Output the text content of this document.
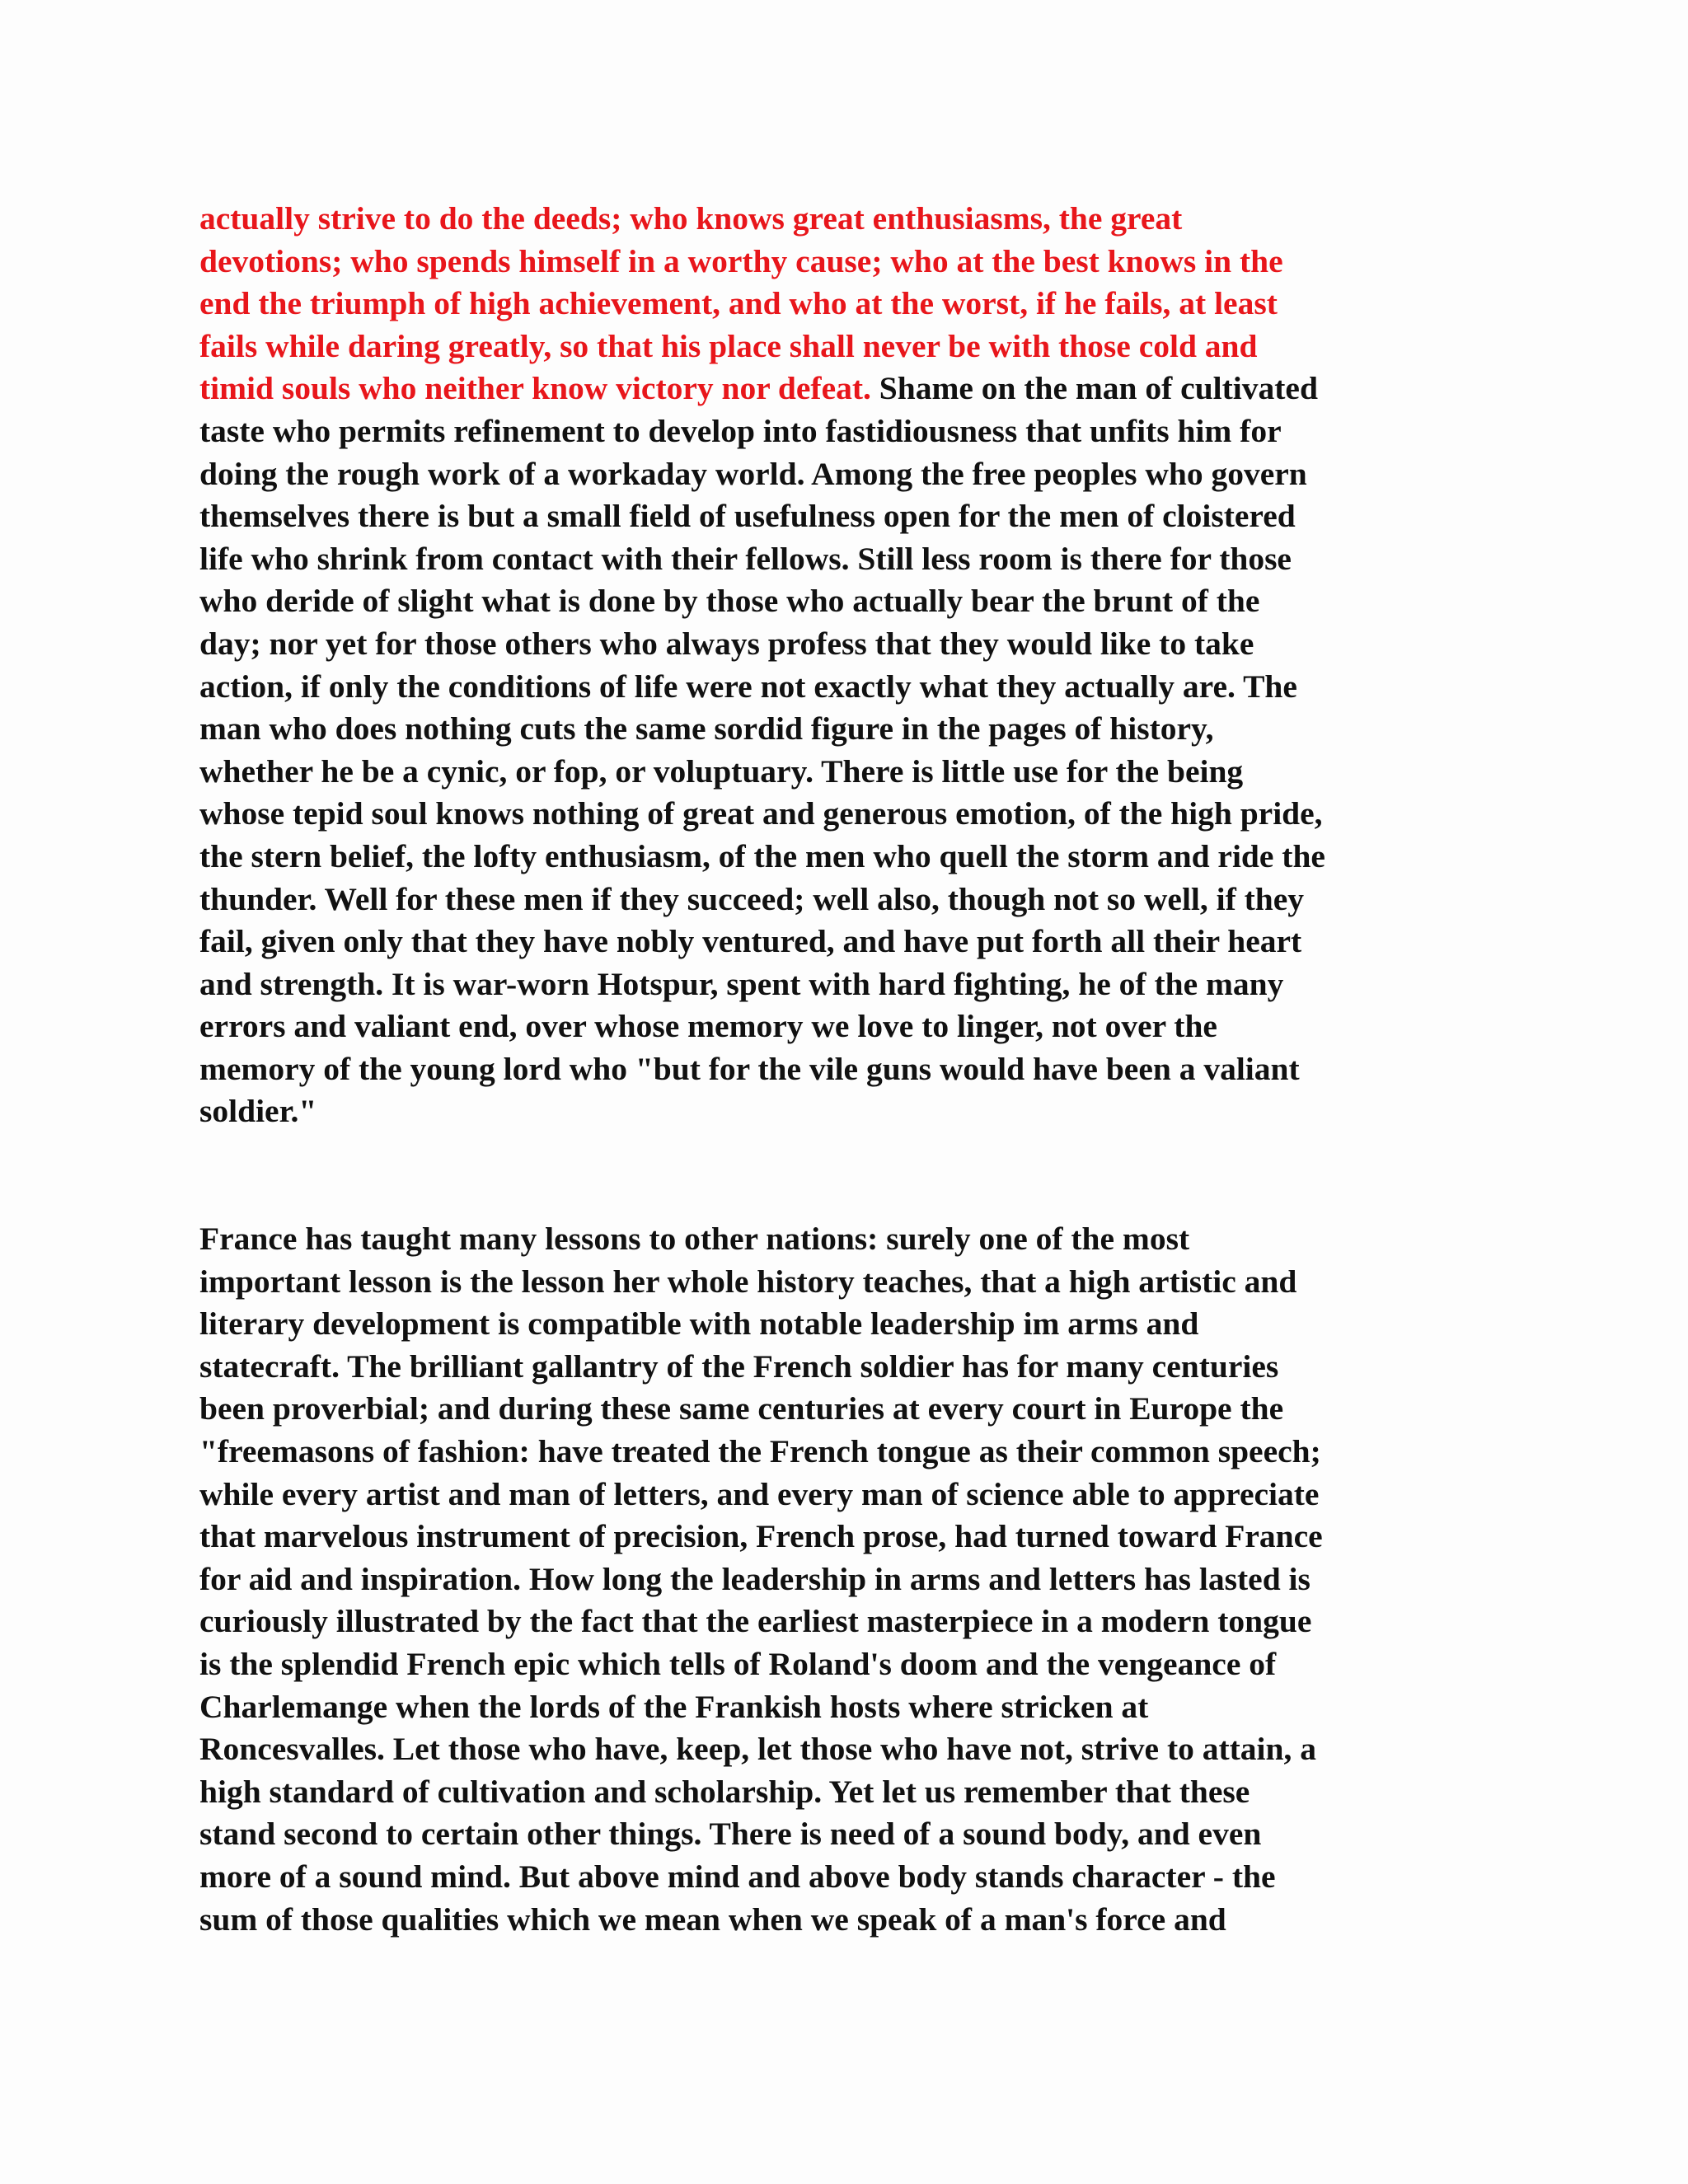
actually strive to do the deeds; who knows great enthusiasms, the great
devotions; who spends himself in a worthy cause; who at the best knows in the
end the triumph of high achievement, and who at the worst, if he fails, at least
fails while daring greatly, so that his place shall never be with those cold and
timid souls who neither know victory nor defeat. Shame on the man of cultivated
taste who permits refinement to develop into fastidiousness that unfits him for
doing the rough work of a workaday world. Among the free peoples who govern
themselves there is but a small field of usefulness open for the men of cloistered
life who shrink from contact with their fellows. Still less room is there for those
who deride of slight what is done by those who actually bear the brunt of the
day; nor yet for those others who always profess that they would like to take
action, if only the conditions of life were not exactly what they actually are. The
man who does nothing cuts the same sordid figure in the pages of history,
whether he be a cynic, or fop, or voluptuary. There is little use for the being
whose tepid soul knows nothing of great and generous emotion, of the high pride,
the stern belief, the lofty enthusiasm, of the men who quell the storm and ride the
thunder. Well for these men if they succeed; well also, though not so well, if they
fail, given only that they have nobly ventured, and have put forth all their heart
and strength. It is war-worn Hotspur, spent with hard fighting, he of the many
errors and valiant end, over whose memory we love to linger, not over the
memory of the young lord who "but for the vile guns would have been a valiant
soldier."
France has taught many lessons to other nations: surely one of the most
important lesson is the lesson her whole history teaches, that a high artistic and
literary development is compatible with notable leadership im arms and
statecraft. The brilliant gallantry of the French soldier has for many centuries
been proverbial; and during these same centuries at every court in Europe the
"freemasons of fashion: have treated the French tongue as their common speech;
while every artist and man of letters, and every man of science able to appreciate
that marvelous instrument of precision, French prose, had turned toward France
for aid and inspiration. How long the leadership in arms and letters has lasted is
curiously illustrated by the fact that the earliest masterpiece in a modern tongue
is the splendid French epic which tells of Roland's doom and the vengeance of
Charlemange when the lords of the Frankish hosts where stricken at
Roncesvalles. Let those who have, keep, let those who have not, strive to attain, a
high standard of cultivation and scholarship. Yet let us remember that these
stand second to certain other things. There is need of a sound body, and even
more of a sound mind. But above mind and above body stands character - the
sum of those qualities which we mean when we speak of a man's force and
